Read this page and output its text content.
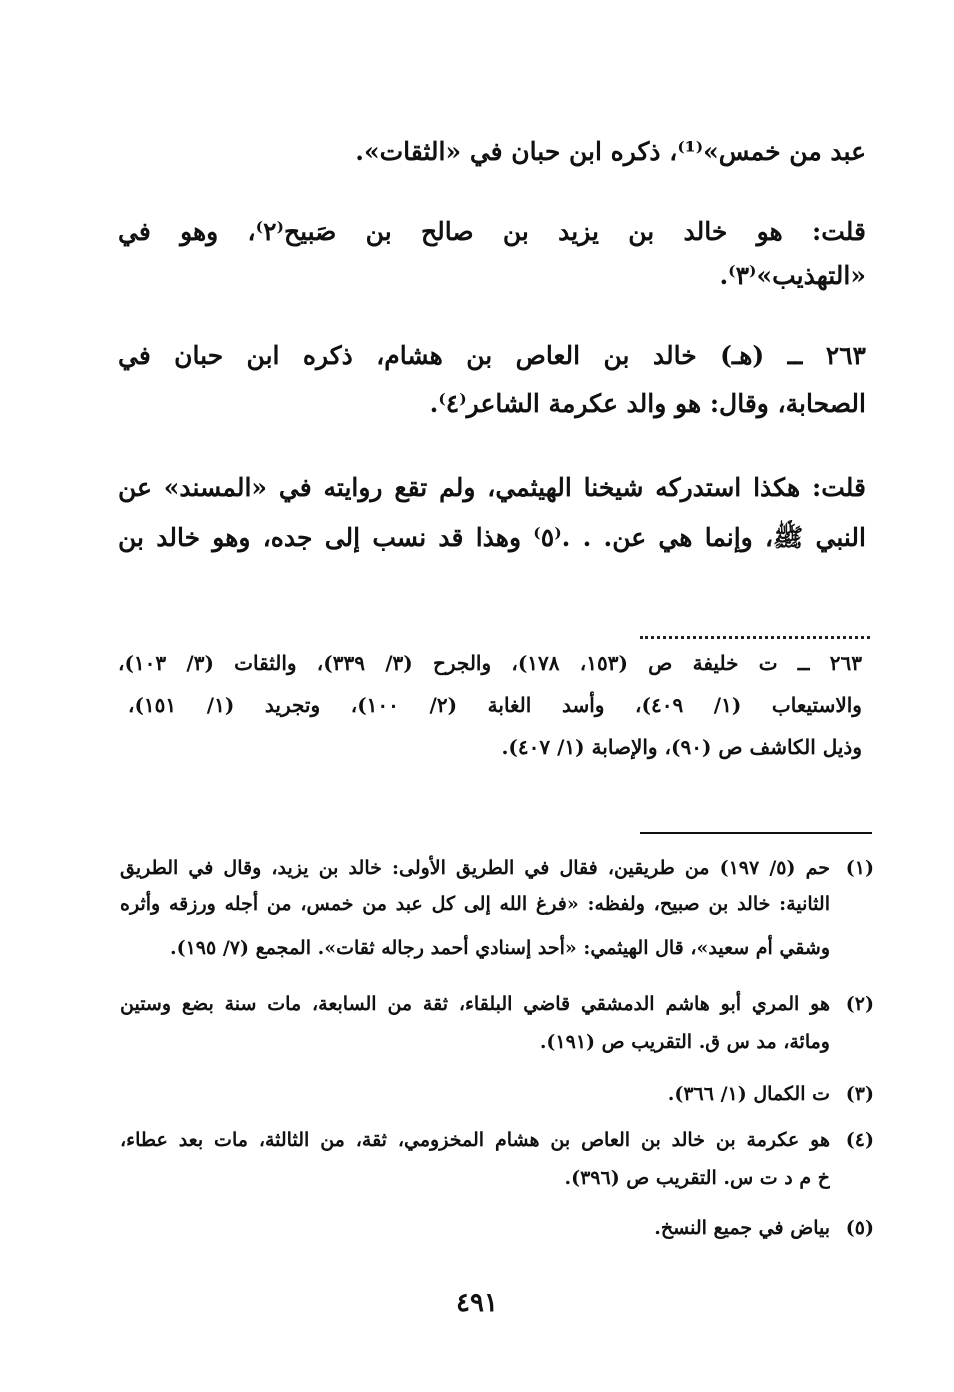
عبد من خمس»⁽¹⁾، ذكره ابن حبان في «الثقات».
قلت: هو خالد بن يزيد بن صالح بن صَبيح⁽٢⁾، وهو في
«التهذيب»⁽٣⁾.
٢٦٣ ــ (هـ) خالد بن العاص بن هشام، ذكره ابن حبان في
الصحابة، وقال: هو والد عكرمة الشاعر⁽٤⁾.
قلت: هكذا استدركه شيخنا الهيثمي، ولم تقع روايته في «المسند» عن
النبي ﷺ، وإنما هي عن. . .⁽٥⁾ وهذا قد نسب إلى جده، وهو خالد بن
٢٦٣ ــ ت خليفة ص (١٥٣، ١٧٨)، والجرح (٣/ ٣٣٩)، والثقات (٣/ ١٠٣)،
والاستيعاب (١/ ٤٠٩)، وأسد الغابة (٢/ ١٠٠)، وتجريد (١/ ١٥١)،
وذيل الكاشف ص (٩٠)، والإصابة (١/ ٤٠٧).
(١)
حم (٥/ ١٩٧) من طريقين، فقال في الطريق الأولى: خالد بن يزيد، وقال في الطريق
الثانية: خالد بن صبيح، ولفظه: «فرغ الله إلى كل عبد من خمس، من أجله ورزقه وأثره
وشقي أم سعيد»، قال الهيثمي: «أحد إسنادي أحمد رجاله ثقات». المجمع (٧/ ١٩٥).
(٢)
هو المري أبو هاشم الدمشقي قاضي البلقاء، ثقة من السابعة، مات سنة بضع وستين
ومائة، مد س ق. التقريب ص (١٩١).
(٣)
ت الكمال (١/ ٣٦٦).
(٤)
هو عكرمة بن خالد بن العاص بن هشام المخزومي، ثقة، من الثالثة، مات بعد عطاء،
خ م د ت س. التقريب ص (٣٩٦).
(٥)
بياض في جميع النسخ.
٤٩١
